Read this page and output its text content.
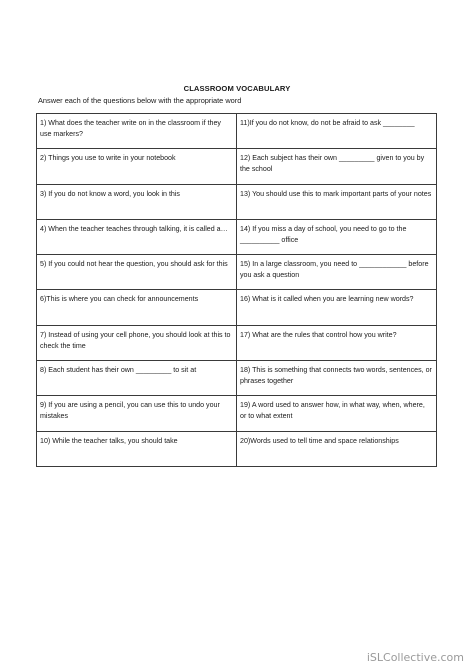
CLASSROOM VOCABULARY
Answer each of the questions below with the appropriate word
1) What does the teacher write on in the classroom if they use markers?	11)If you do not know, do not be afraid to ask ________
2) Things you use to write in your notebook	12) Each subject has their own _________ given to you by the school
3) If you do not know a word, you look in this	13) You should use this to mark important parts of your notes
4) When the teacher teaches through talking, it is called a…	14) If you miss a day of school, you need to go to the __________ office
5) If you could not hear the question, you should ask for this	15) In a large classroom, you need to ____________ before you ask a question
6)This is where you can check for announcements	16) What is it called when you are learning new words?
7) Instead of using your cell phone, you should look at this to check the time	17) What are the rules that control how you write?
8) Each student has their own _________ to sit at	18) This is something that connects two words, sentences, or phrases together
9) If you are using a pencil, you can use this to undo your mistakes	19) A word used to answer how, in what way, when, where, or to what extent
10) While the teacher talks, you should take	20)Words used to tell time and space relationships
iSLCollective.com
